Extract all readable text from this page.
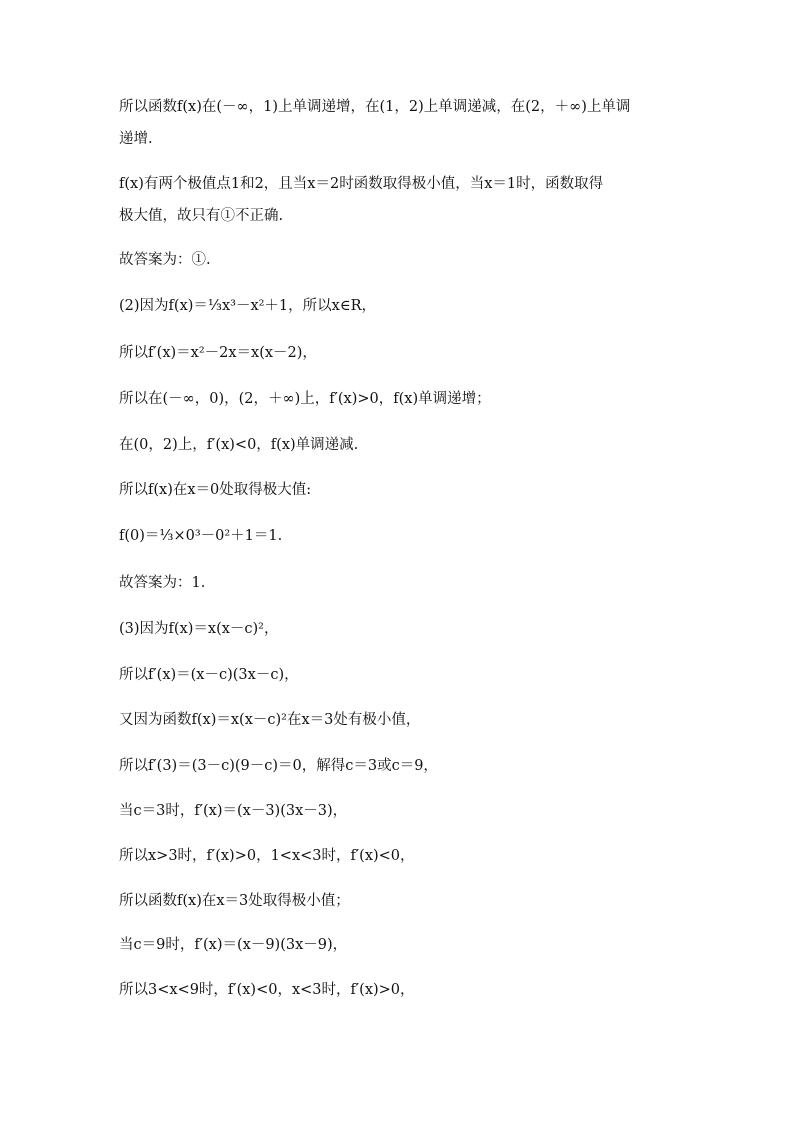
所以函数f(x)在(－∞，1)上单调递增，在(1，2)上单调递减，在(2，＋∞)上单调
递增.
f(x)有两个极值点1和2，且当x＝2时函数取得极小值，当x＝1时，函数取得
极大值，故只有①不正确.
故答案为：①.
(2)因为f(x)＝⅓x³－x²＋1，所以x∈R，
所以f′(x)＝x²－2x＝x(x－2)，
所以在(－∞，0)，(2，＋∞)上，f′(x)>0，f(x)单调递增；
在(0，2)上，f′(x)<0，f(x)单调递减.
所以f(x)在x＝0处取得极大值:
f(0)＝⅓×0³－0²＋1＝1.
故答案为：1.
(3)因为f(x)＝x(x－c)²，
所以f′(x)＝(x－c)(3x－c)，
又因为函数f(x)＝x(x－c)²在x＝3处有极小值，
所以f′(3)＝(3－c)(9－c)＝0，解得c＝3或c＝9，
当c＝3时，f′(x)＝(x－3)(3x－3)，
所以x>3时，f′(x)>0，1<x<3时，f′(x)<0，
所以函数f(x)在x＝3处取得极小值；
当c＝9时，f′(x)＝(x－9)(3x－9)，
所以3<x<9时，f′(x)<0，x<3时，f′(x)>0，
